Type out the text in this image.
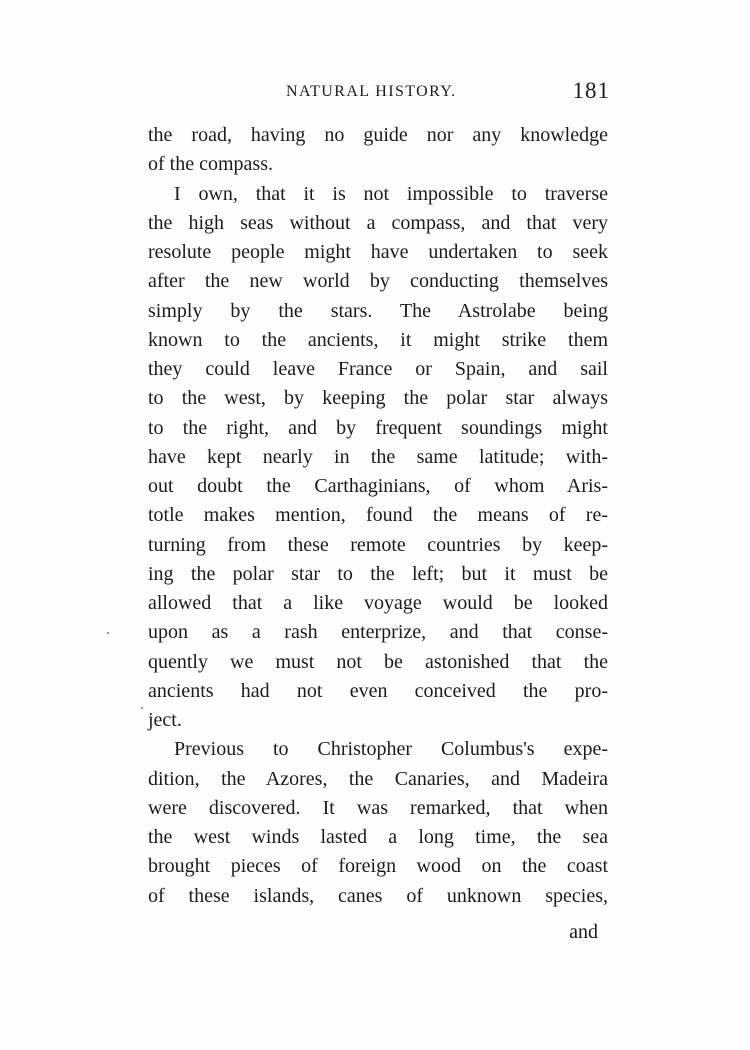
NATURAL HISTORY.	181
the road, having no guide nor any knowledge
of the compass.
I own, that it is not impossible to traverse
the high seas without a compass, and that very
resolute people might have undertaken to seek
after the new world by conducting themselves
simply by the stars. The Astrolabe being
known to the ancients, it might strike them
they could leave France or Spain, and sail
to the west, by keeping the polar star always
to the right, and by frequent soundings might
have kept nearly in the same latitude; with-
out doubt the Carthaginians, of whom Aris-
totle makes mention, found the means of re-
turning from these remote countries by keep-
ing the polar star to the left; but it must be
allowed that a like voyage would be looked
upon as a rash enterprize, and that conse-
quently we must not be astonished that the
ancients had not even conceived the pro-
ject.
Previous to Christopher Columbus's expe-
dition, the Azores, the Canaries, and Madeira
were discovered. It was remarked, that when
the west winds lasted a long time, the sea
brought pieces of foreign wood on the coast
of these islands, canes of unknown species,
and
